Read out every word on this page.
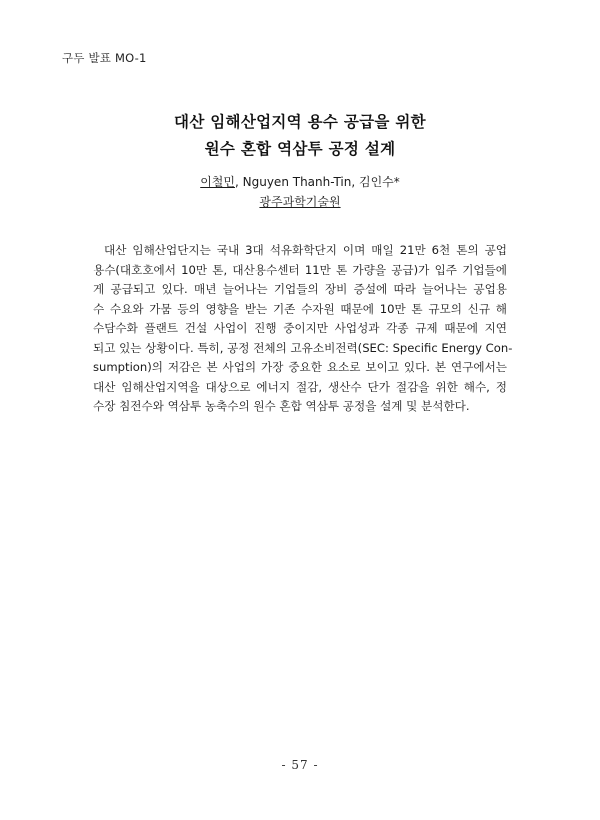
구두 발표 MO-1
대산 임해산업지역 용수 공급을 위한
원수 혼합 역삼투 공정 설계
이철민, Nguyen Thanh-Tin, 김인수*
광주과학기술원
대산 임해산업단지는 국내 3대 석유화학단지 이며 매일 21만 6천 톤의 공업
용수(대호호에서 10만 톤, 대산용수센터 11만 톤 가량을 공급)가 입주 기업들에
게 공급되고 있다. 매년 늘어나는 기업들의 장비 증설에 따라 늘어나는 공업용
수 수요와 가뭄 등의 영향을 받는 기존 수자원 때문에 10만 톤 규모의 신규 해
수담수화 플랜트 건설 사업이 진행 중이지만 사업성과 각종 규제 때문에 지연
되고 있는 상황이다. 특히, 공정 전체의 고유소비전력(SEC: Specific Energy Con-
sumption)의 저감은 본 사업의 가장 중요한 요소로 보이고 있다. 본 연구에서는
대산 임해산업지역을 대상으로 에너지 절감, 생산수 단가 절감을 위한 해수, 정
수장 침전수와 역삼투 농축수의 원수 혼합 역삼투 공정을 설계 및 분석한다.
- 57 -
